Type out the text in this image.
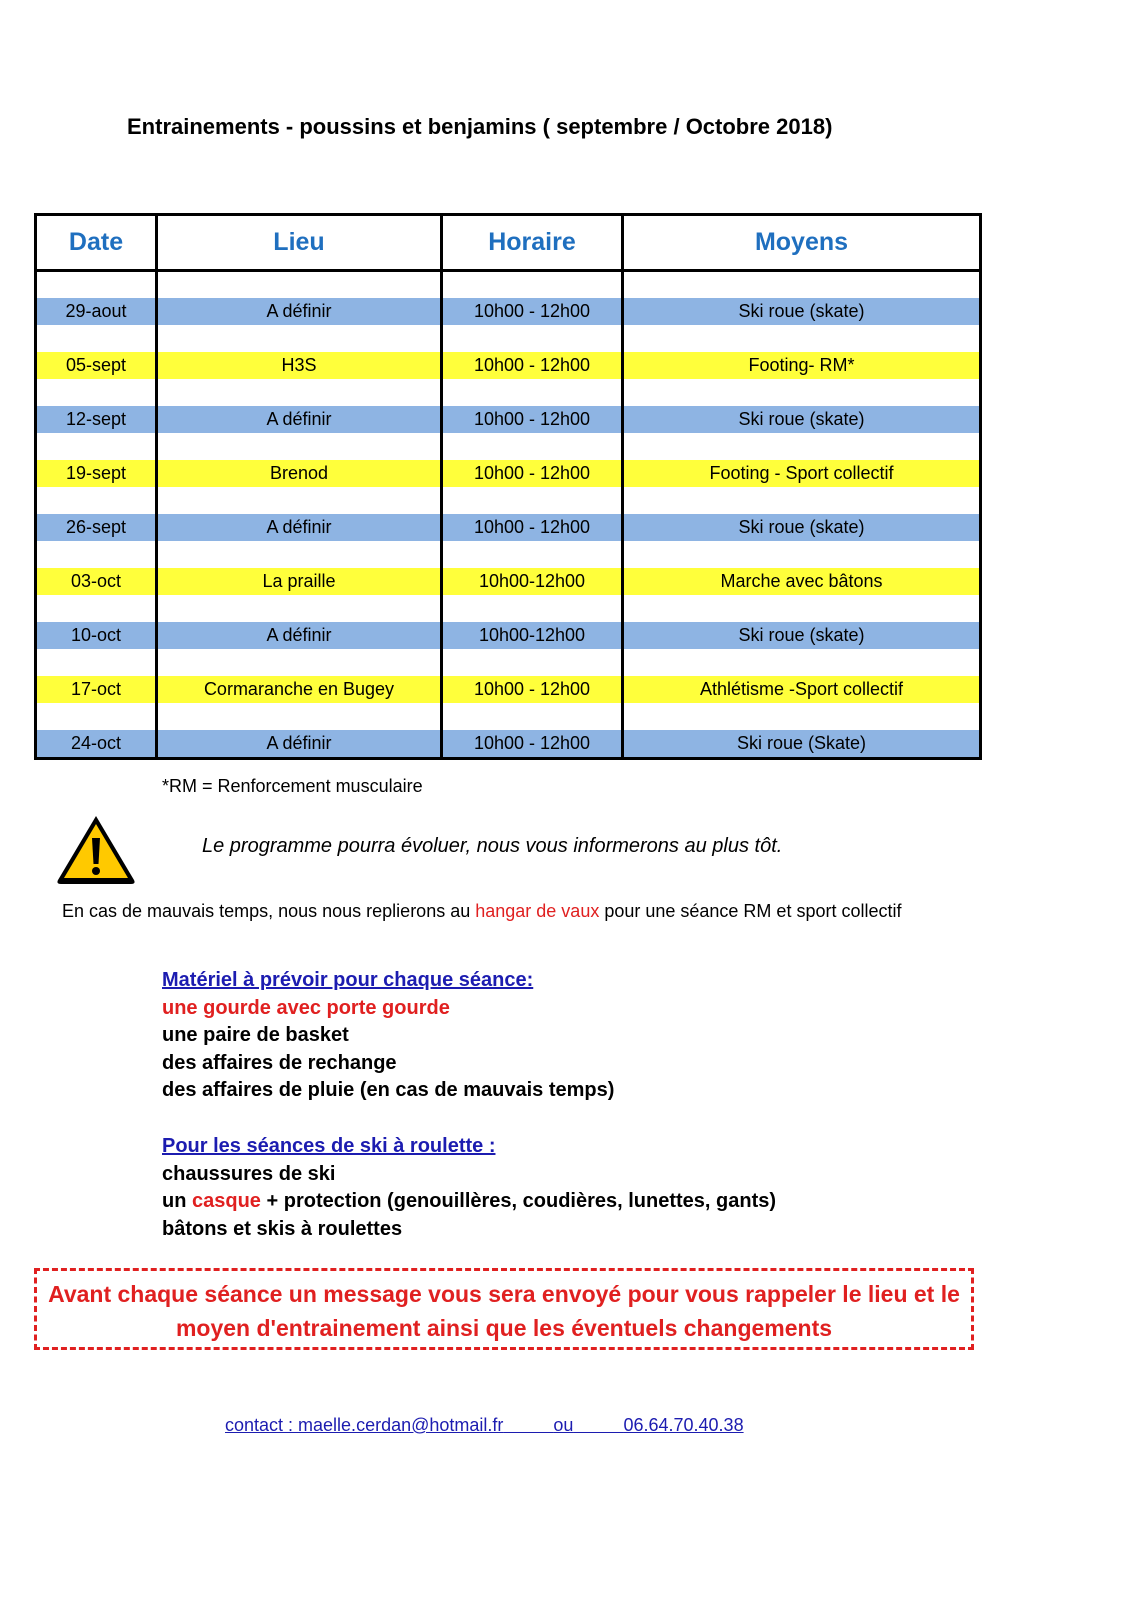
Entrainements - poussins et benjamins ( septembre / Octobre 2018)
Date	Lieu	Horaire	Moyens

29-aout	A définir	10h00 - 12h00	Ski roue (skate)

05-sept	H3S	10h00 - 12h00	Footing- RM*

12-sept	A définir	10h00 - 12h00	Ski roue (skate)

19-sept	Brenod	10h00 - 12h00	Footing - Sport collectif

26-sept	A définir	10h00 - 12h00	Ski roue (skate)

03-oct	La praille	10h00-12h00	Marche avec bâtons

10-oct	A définir	10h00-12h00	Ski roue (skate)

17-oct	Cormaranche en Bugey	10h00 - 12h00	Athlétisme -Sport collectif

24-oct	A définir	10h00 - 12h00	Ski roue (Skate)
*RM = Renforcement musculaire
Le programme pourra évoluer, nous vous informerons au plus tôt.
En cas de mauvais temps, nous nous replierons au hangar de vaux pour une séance RM et sport collectif
Matériel à prévoir pour chaque séance:
une gourde avec porte gourde
une paire de basket
des affaires de rechange
des affaires de pluie (en cas de mauvais temps)
Pour les séances de ski à roulette :
chaussures de ski
un casque + protection (genouillères, coudières, lunettes, gants)
bâtons et skis à roulettes
Avant chaque séance un message vous sera envoyé pour vous rappeler le lieu et le
moyen d'entrainement ainsi que les éventuels changements
contact : maelle.cerdan@hotmail.fr	ou	06.64.70.40.38
